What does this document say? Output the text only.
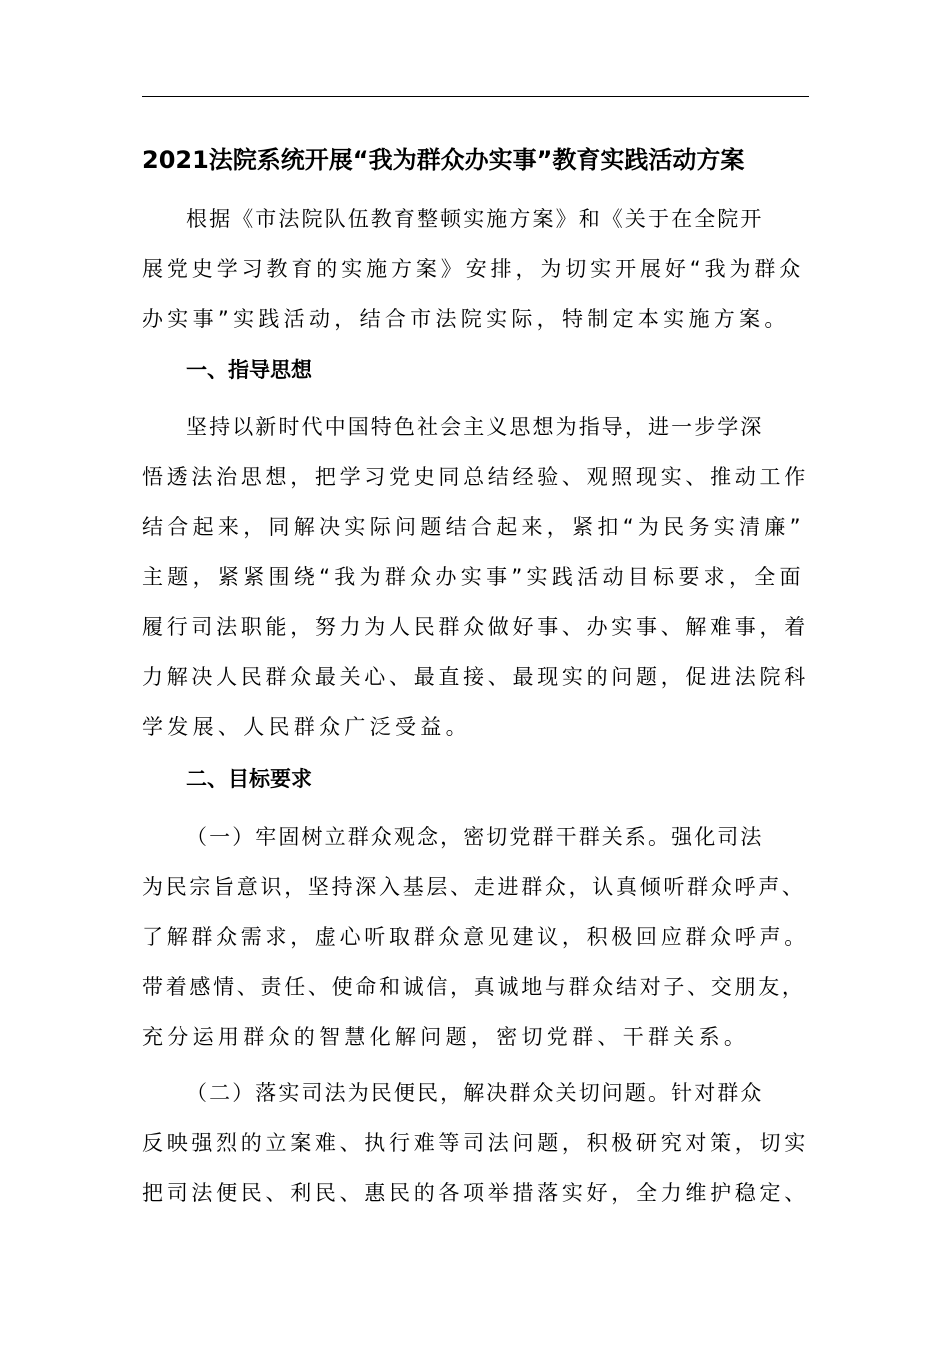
2021法院系统开展“我为群众办实事”教育实践活动方案
根据《市法院队伍教育整顿实施方案》和《关于在全院开
展党史学习教育的实施方案》安排，为切实开展好“我为群众
办实事”实践活动，结合市法院实际，特制定本实施方案。
一、指导思想
坚持以新时代中国特色社会主义思想为指导，进一步学深
悟透法治思想，把学习党史同总结经验、观照现实、推动工作
结合起来，同解决实际问题结合起来，紧扣“为民务实清廉”
主题，紧紧围绕“我为群众办实事”实践活动目标要求，全面
履行司法职能，努力为人民群众做好事、办实事、解难事，着
力解决人民群众最关心、最直接、最现实的问题，促进法院科
学发展、人民群众广泛受益。
二、目标要求
（一）牢固树立群众观念，密切党群干群关系。强化司法
为民宗旨意识，坚持深入基层、走进群众，认真倾听群众呼声、
了解群众需求，虚心听取群众意见建议，积极回应群众呼声。
带着感情、责任、使命和诚信，真诚地与群众结对子、交朋友，
充分运用群众的智慧化解问题，密切党群、干群关系。
（二）落实司法为民便民，解决群众关切问题。针对群众
反映强烈的立案难、执行难等司法问题，积极研究对策，切实
把司法便民、利民、惠民的各项举措落实好，全力维护稳定、
